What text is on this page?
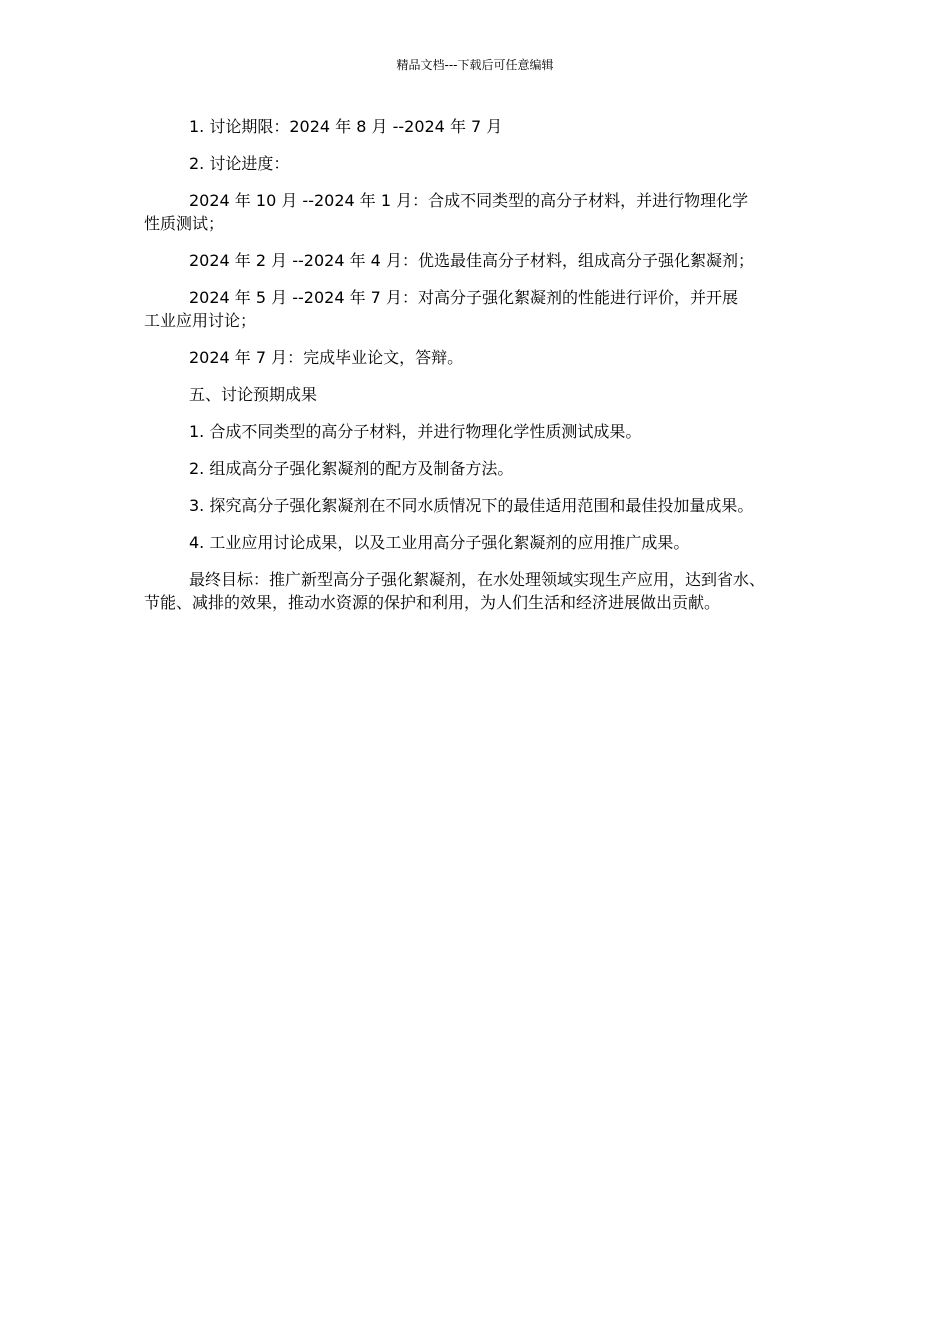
精品文档---下载后可任意编辑

1. 讨论期限：2024 年 8 月 --2024 年 7 月

2. 讨论进度：

2024 年 10 月 --2024 年 1 月：合成不同类型的高分子材料，并进行物理化学
性质测试；

2024 年 2 月 --2024 年 4 月：优选最佳高分子材料，组成高分子强化絮凝剂；

2024 年 5 月 --2024 年 7 月：对高分子强化絮凝剂的性能进行评价，并开展
工业应用讨论；

2024 年 7 月：完成毕业论文，答辩。

五、讨论预期成果

1. 合成不同类型的高分子材料，并进行物理化学性质测试成果。

2. 组成高分子强化絮凝剂的配方及制备方法。

3. 探究高分子强化絮凝剂在不同水质情况下的最佳适用范围和最佳投加量成果。

4. 工业应用讨论成果，以及工业用高分子强化絮凝剂的应用推广成果。

最终目标：推广新型高分子强化絮凝剂，在水处理领域实现生产应用，达到省水、
节能、减排的效果，推动水资源的保护和利用，为人们生活和经济进展做出贡献。
